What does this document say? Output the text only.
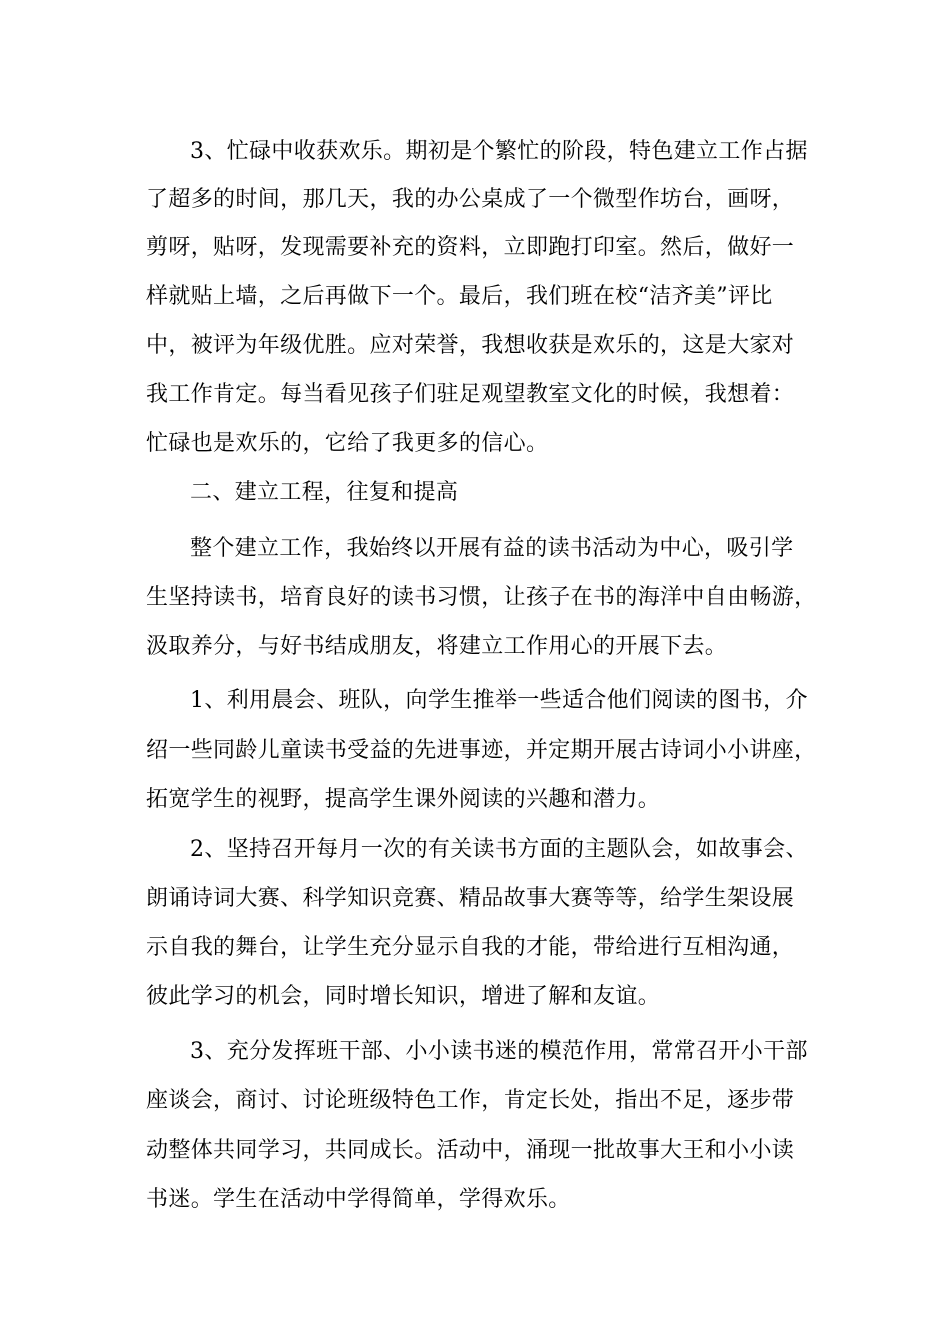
3、忙碌中收获欢乐。期初是个繁忙的阶段，特色建立工作占据
了超多的时间，那几天，我的办公桌成了一个微型作坊台，画呀，
剪呀，贴呀，发现需要补充的资料，立即跑打印室。然后，做好一
样就贴上墙，之后再做下一个。最后，我们班在校“洁齐美”评比
中，被评为年级优胜。应对荣誉，我想收获是欢乐的，这是大家对
我工作肯定。每当看见孩子们驻足观望教室文化的时候，我想着：
忙碌也是欢乐的，它给了我更多的信心。
二、建立工程，往复和提高
整个建立工作，我始终以开展有益的读书活动为中心，吸引学
生坚持读书，培育良好的读书习惯，让孩子在书的海洋中自由畅游，
汲取养分，与好书结成朋友，将建立工作用心的开展下去。
1、利用晨会、班队，向学生推举一些适合他们阅读的图书，介
绍一些同龄儿童读书受益的先进事迹，并定期开展古诗词小小讲座，
拓宽学生的视野，提高学生课外阅读的兴趣和潜力。
2、坚持召开每月一次的有关读书方面的主题队会，如故事会、
朗诵诗词大赛、科学知识竞赛、精品故事大赛等等，给学生架设展
示自我的舞台，让学生充分显示自我的才能，带给进行互相沟通，
彼此学习的机会，同时增长知识，增进了解和友谊。
3、充分发挥班干部、小小读书迷的模范作用，常常召开小干部
座谈会，商讨、讨论班级特色工作，肯定长处，指出不足，逐步带
动整体共同学习，共同成长。活动中，涌现一批故事大王和小小读
书迷。学生在活动中学得简单，学得欢乐。
